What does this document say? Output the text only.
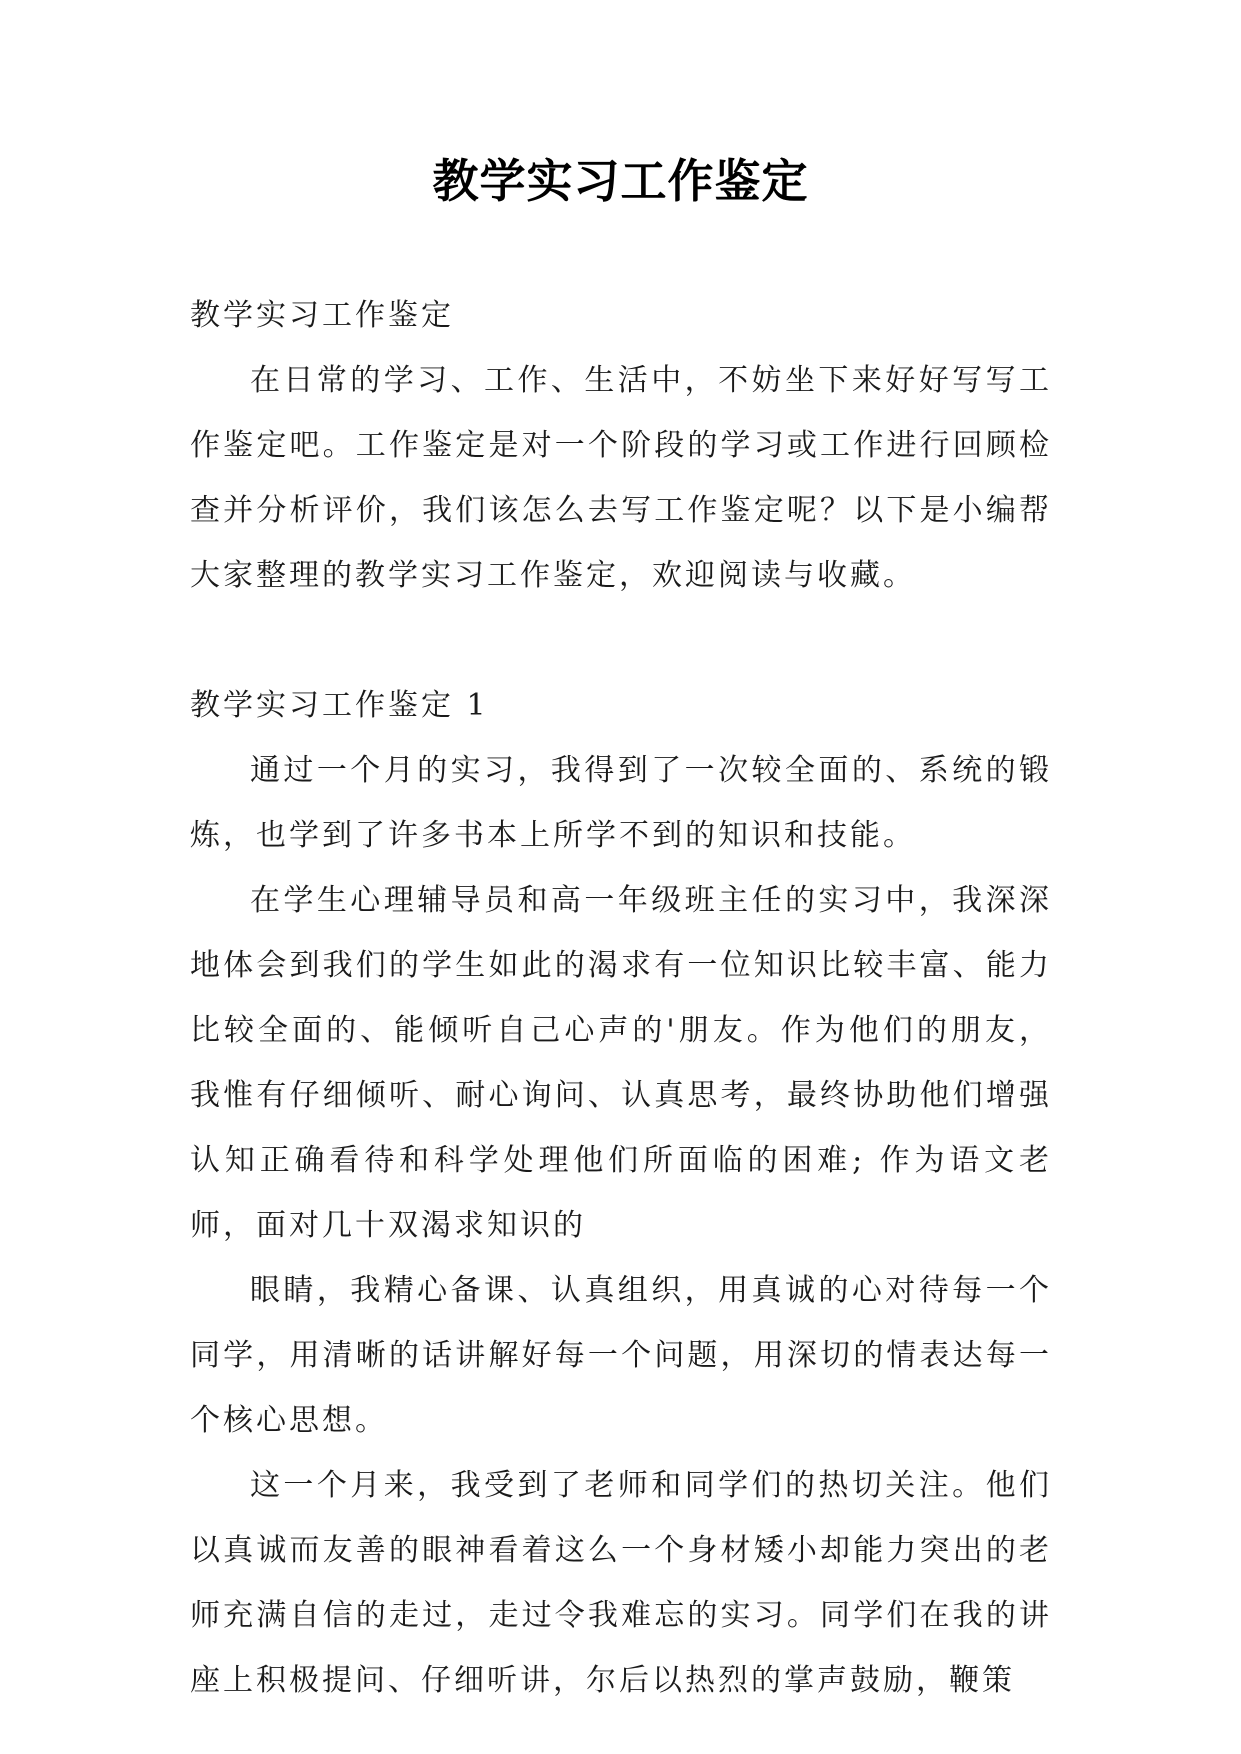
教学实习工作鉴定

教学实习工作鉴定

在日常的学习、工作、生活中，不妨坐下来好好写写工作鉴定吧。工作鉴定是对一个阶段的学习或工作进行回顾检查并分析评价，我们该怎么去写工作鉴定呢？以下是小编帮大家整理的教学实习工作鉴定，欢迎阅读与收藏。

教学实习工作鉴定 1

通过一个月的实习，我得到了一次较全面的、系统的锻炼，也学到了许多书本上所学不到的知识和技能。

在学生心理辅导员和高一年级班主任的实习中，我深深地体会到我们的学生如此的渴求有一位知识比较丰富、能力比较全面的、能倾听自己心声的'朋友。作为他们的朋友，我惟有仔细倾听、耐心询问、认真思考，最终协助他们增强认知正确看待和科学处理他们所面临的困难; 作为语文老师，面对几十双渴求知识的

眼睛，我精心备课、认真组织，用真诚的心对待每一个同学，用清晰的话讲解好每一个问题，用深切的情表达每一个核心思想。

这一个月来，我受到了老师和同学们的热切关注。他们以真诚而友善的眼神看着这么一个身材矮小却能力突出的老师充满自信的走过，走过令我难忘的实习。同学们在我的讲座上积极提问、仔细听讲，尔后以热烈的掌声鼓励，鞭策
